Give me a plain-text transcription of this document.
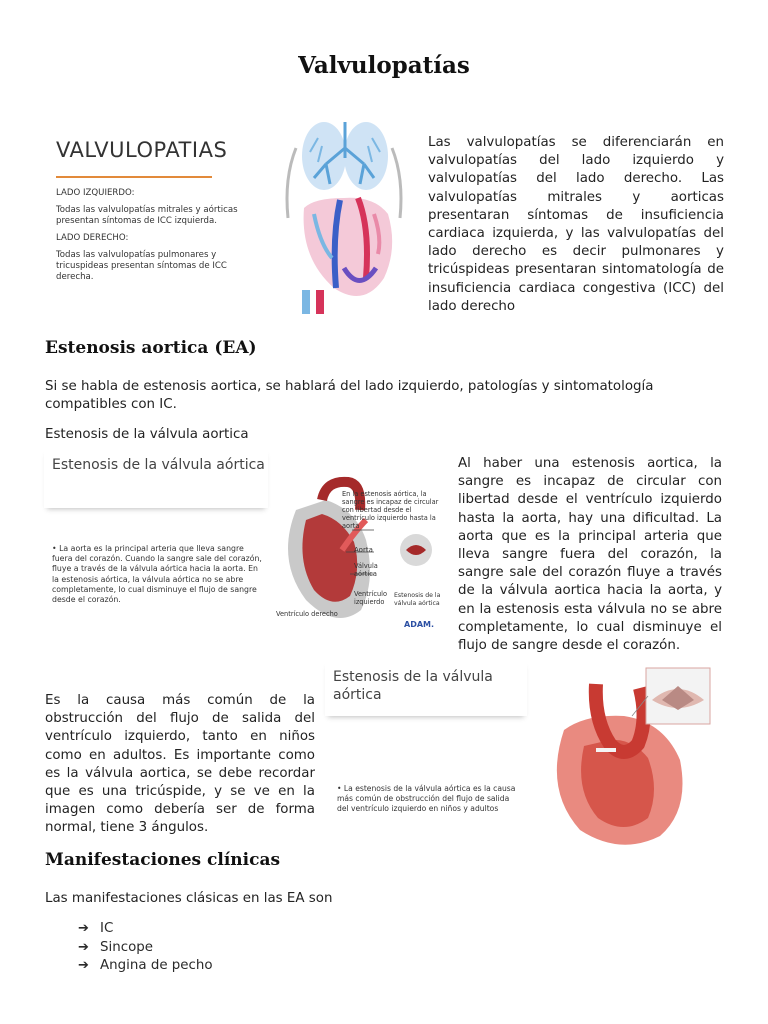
Valvulopatías
VALVULOPATIAS

LADO IZQUIERDO:

Todas las valvulopatías mitrales y aórticas presentan síntomas de ICC izquierda.

LADO DERECHO:

Todas las valvulopatías pulmonares y tricuspideas presentan síntomas de ICC derecha.

Las valvulopatías se diferenciarán en valvulopatías del lado izquierdo y valvulopatías del lado derecho. Las valvulopatías mitrales y aorticas presentaran síntomas de insuficiencia cardiaca izquierda, y las valvulopatías del lado derecho es decir pulmonares y tricúspideas presentaran sintomatología de insuficiencia cardiaca congestiva (ICC) del lado derecho
Estenosis aortica (EA)
Si se habla de estenosis aortica, se hablará del lado izquierdo, patologías y sintomatología compatibles con IC.
Estenosis de la válvula aortica
Estenosis de la válvula aórtica
• La aorta es la principal arteria que lleva sangre fuera del corazón. Cuando la sangre sale del corazón, fluye a través de la válvula aórtica hacia la aorta. En la estenosis aórtica, la válvula aórtica no se abre completamente, lo cual disminuye el flujo de sangre desde el corazón.
En la estenosis aórtica, la sangre es incapaz de circular con libertad desde el ventrículo izquierdo hasta la aorta
Aorta
Válvula aórtica
Ventrículo izquierdo
Ventrículo derecho
Estenosis de la válvula aórtica
ADAM.
Al haber una estenosis aortica, la sangre es incapaz de circular con libertad desde el ventrículo izquierdo hasta la aorta, hay una dificultad. La aorta que es la principal arteria que lleva sangre fuera del corazón, la sangre sale del corazón fluye a través de la válvula aortica hacia la aorta, y en la estenosis esta válvula no se abre completamente, lo cual disminuye el flujo de sangre desde el corazón.
Estenosis de la válvula aórtica
• La estenosis de la válvula aórtica es la causa más común de obstrucción del flujo de salida del ventrículo izquierdo en niños y adultos
Es la causa más común de la obstrucción del flujo de salida del ventrículo izquierdo, tanto en niños como en adultos. Es importante como es la válvula aortica, se debe recordar que es una tricúspide, y se ve en la imagen como debería ser de forma normal, tiene 3 ángulos.
Manifestaciones clínicas
Las manifestaciones clásicas en las EA son
➔ IC
➔ Sincope
➔ Angina de pecho
